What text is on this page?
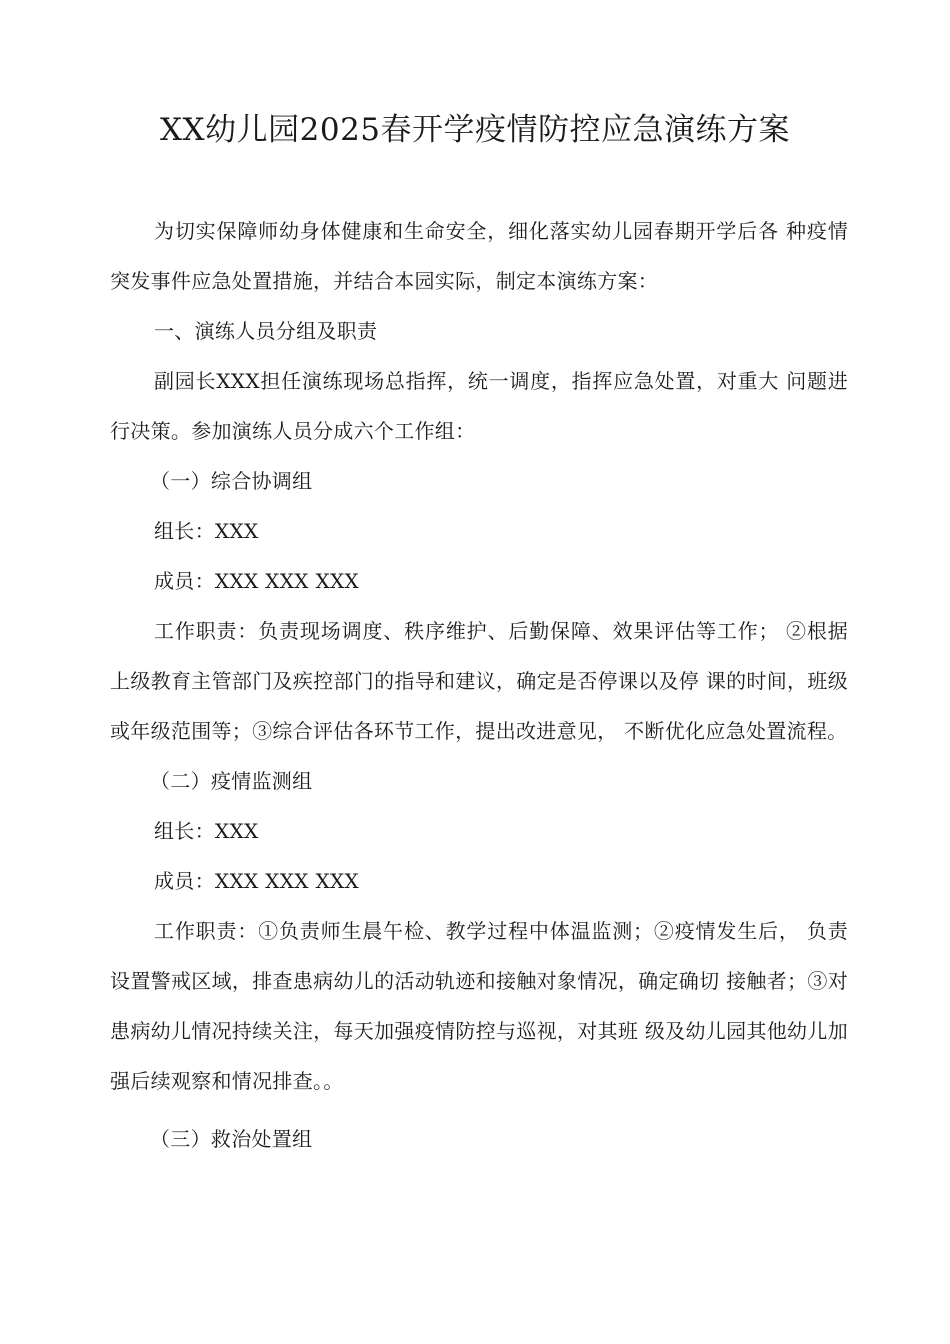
XX幼儿园2025春开学疫情防控应急演练方案

为切实保障师幼身体健康和生命安全，细化落实幼儿园春期开学后各 种疫情突发事件应急处置措施，并结合本园实际，制定本演练方案：

一、演练人员分组及职责

副园长XXX担任演练现场总指挥，统一调度，指挥应急处置，对重大 问题进行决策。参加演练人员分成六个工作组：

（一）综合协调组

组长：XXX

成员：XXX XXX XXX

工作职责：负责现场调度、秩序维护、后勤保障、效果评估等工作； ②根据上级教育主管部门及疾控部门的指导和建议，确定是否停课以及停 课的时间，班级或年级范围等；③综合评估各环节工作，提出改进意见， 不断优化应急处置流程。

（二）疫情监测组

组长：XXX

成员：XXX XXX XXX

工作职责：①负责师生晨午检、教学过程中体温监测；②疫情发生后， 负责设置警戒区域，排查患病幼儿的活动轨迹和接触对象情况，确定确切 接触者；③对患病幼儿情况持续关注，每天加强疫情防控与巡视，对其班 级及幼儿园其他幼儿加强后续观察和情况排查。。

（三）救治处置组
